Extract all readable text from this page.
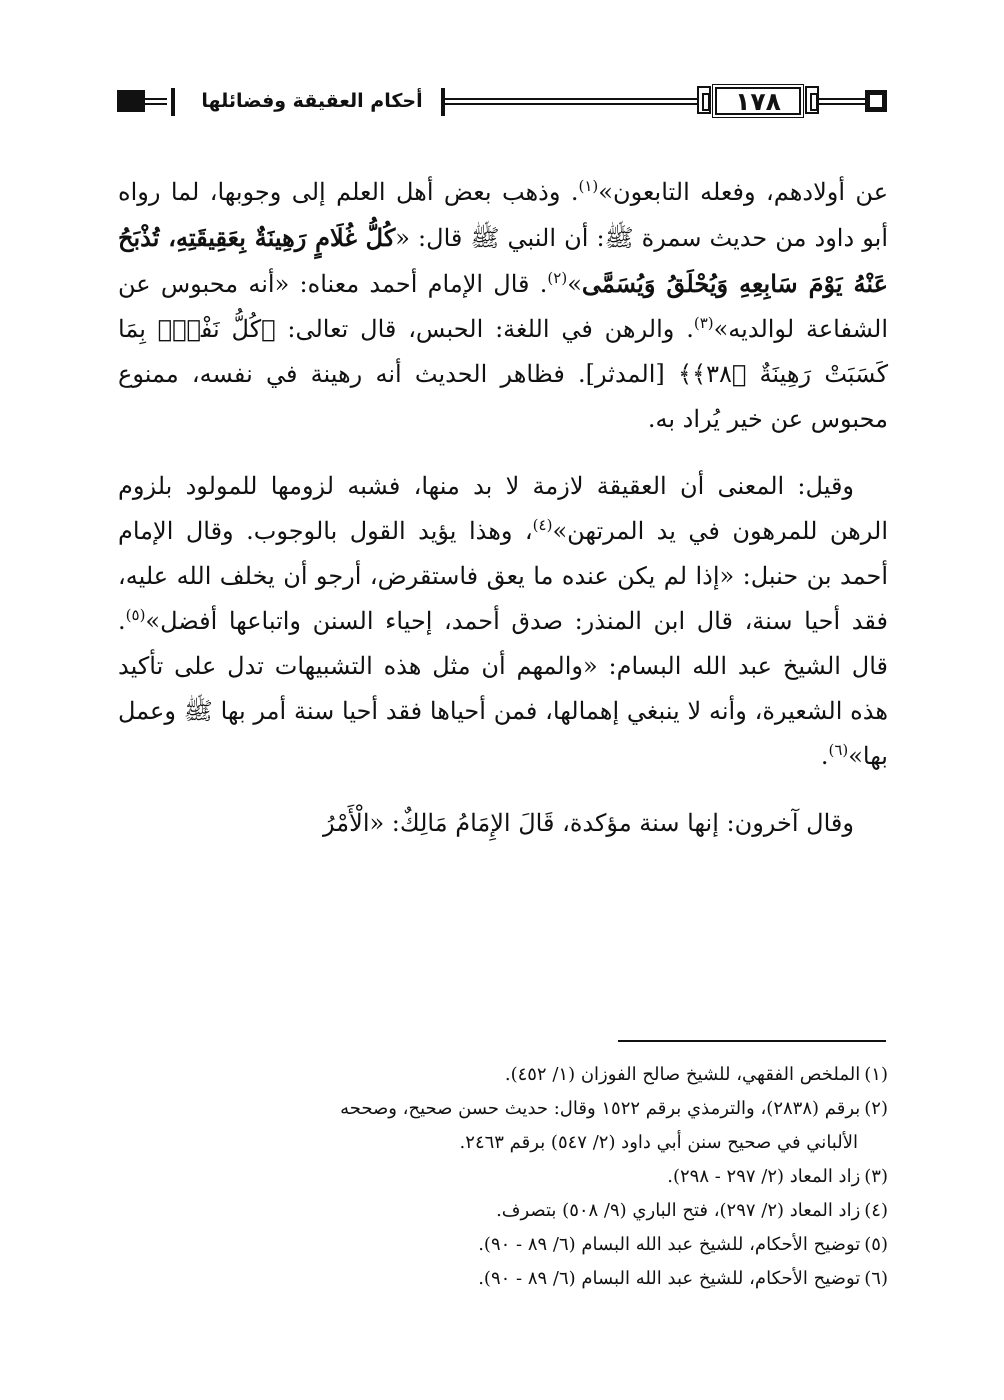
١٧٨
أحكام العقيقة وفضائلها

عن أولادهم، وفعله التابعون»$^{(١)}$. وذهب بعض أهل العلم إلى وجوبها، لما رواه أبو داود من حديث سمرة ﷺ: أن النبي ﷺ قال: «كُلُّ غُلَامٍ رَهِينَةٌ بِعَقِيقَتِهِ، تُذْبَحُ عَنْهُ يَوْمَ سَابِعِهِ وَيُحْلَقُ وَيُسَمَّى»$^{(٢)}$. قال الإمام أحمد معناه: «أنه محبوس عن الشفاعة لوالديه»$^{(٣)}$. والرهن في اللغة: الحبس، قال تعالى: ﴿كُلُّ نَفْسٍۭ بِمَا كَسَبَتْ رَهِينَةٌ ﴿٣٨﴾﴾ [المدثر]. فظاهر الحديث أنه رهينة في نفسه، ممنوع محبوس عن خير يُراد به.

وقيل: المعنى أن العقيقة لازمة لا بد منها، فشبه لزومها للمولود بلزوم الرهن للمرهون في يد المرتهن»$^{(٤)}$، وهذا يؤيد القول بالوجوب. وقال الإمام أحمد بن حنبل: «إذا لم يكن عنده ما يعق فاستقرض، أرجو أن يخلف الله عليه، فقد أحيا سنة، قال ابن المنذر: صدق أحمد، إحياء السنن واتباعها أفضل»$^{(٥)}$. قال الشيخ عبد الله البسام: «والمهم أن مثل هذه التشبيهات تدل على تأكيد هذه الشعيرة، وأنه لا ينبغي إهمالها، فمن أحياها فقد أحيا سنة أمر بها ﷺ وعمل بها»$^{(٦)}$.

وقال آخرون: إنها سنة مؤكدة، قَالَ الإِمَامُ مَالِكٌ: «الْأَمْرُ

(١)الملخص الفقهي، للشيخ صالح الفوزان (١/ ٤٥٢).

(٢)برقم (٢٨٣٨)، والترمذي برقم ١٥٢٢ وقال: حديث حسن صحيح، وصححه
الألباني في صحيح سنن أبي داود (٢/ ٥٤٧) برقم ٢٤٦٣.

(٣)زاد المعاد (٢/ ٢٩٧ - ٢٩٨).

(٤)زاد المعاد (٢/ ٢٩٧)، فتح الباري (٩/ ٥٠٨) بتصرف.

(٥)توضيح الأحكام، للشيخ عبد الله البسام (٦/ ٨٩ - ٩٠).

(٦)توضيح الأحكام، للشيخ عبد الله البسام (٦/ ٨٩ - ٩٠).
